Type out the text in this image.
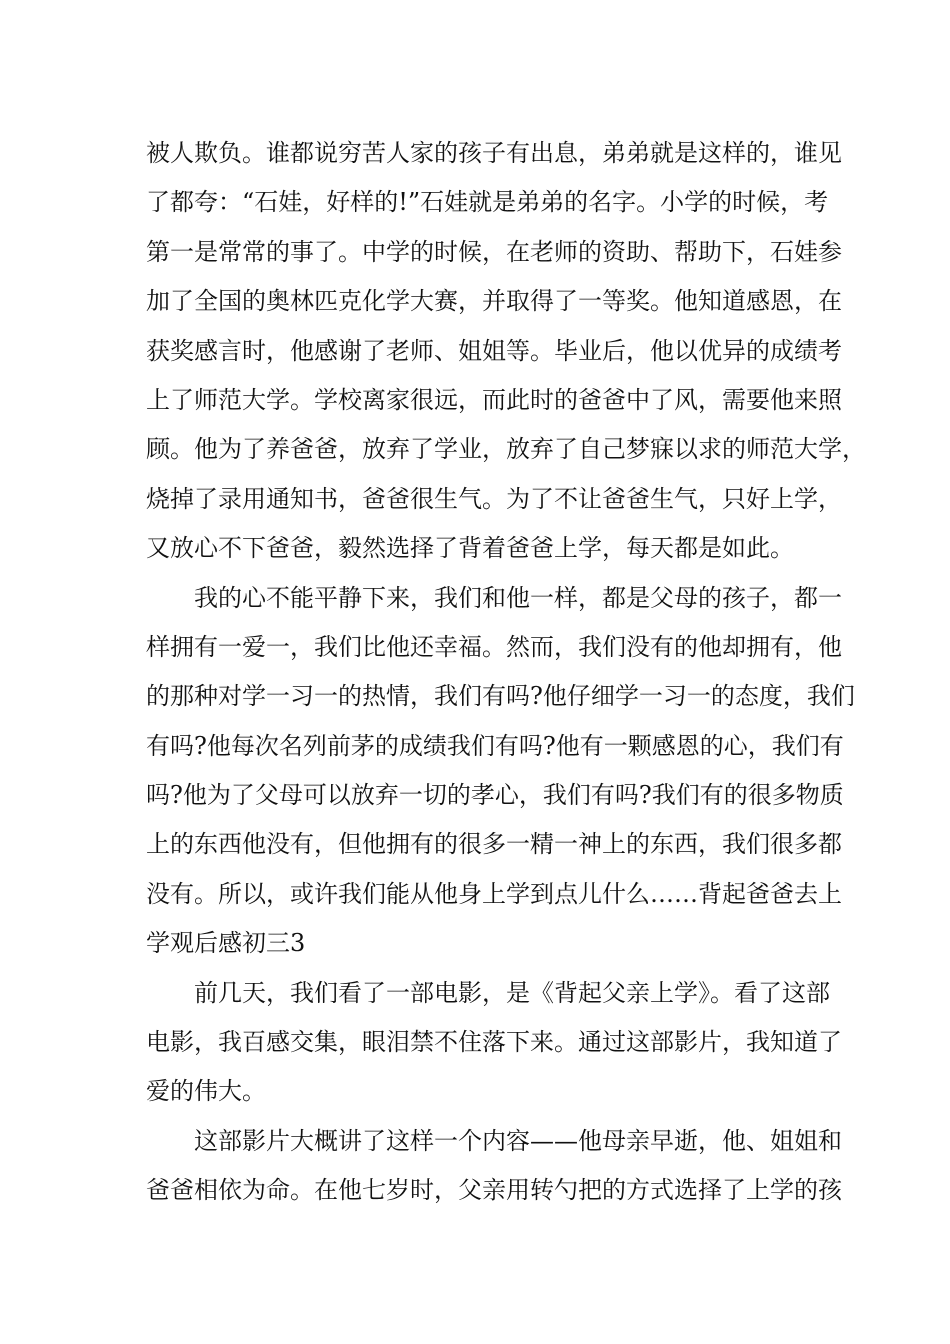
被人欺负。谁都说穷苦人家的孩子有出息，弟弟就是这样的，谁见
了都夸：“石娃，好样的!”石娃就是弟弟的名字。小学的时候，考
第一是常常的事了。中学的时候，在老师的资助、帮助下，石娃参
加了全国的奥林匹克化学大赛，并取得了一等奖。他知道感恩，在
获奖感言时，他感谢了老师、姐姐等。毕业后，他以优异的成绩考
上了师范大学。学校离家很远，而此时的爸爸中了风，需要他来照
顾。他为了养爸爸，放弃了学业，放弃了自己梦寐以求的师范大学，
烧掉了录用通知书，爸爸很生气。为了不让爸爸生气，只好上学，
又放心不下爸爸，毅然选择了背着爸爸上学，每天都是如此。
我的心不能平静下来，我们和他一样，都是父母的孩子，都一
样拥有一爱一，我们比他还幸福。然而，我们没有的他却拥有，他
的那种对学一习一的热情，我们有吗?他仔细学一习一的态度，我们
有吗?他每次名列前茅的成绩我们有吗?他有一颗感恩的心，我们有
吗?他为了父母可以放弃一切的孝心，我们有吗?我们有的很多物质
上的东西他没有，但他拥有的很多一精一神上的东西，我们很多都
没有。所以，或许我们能从他身上学到点儿什么……背起爸爸去上
学观后感初三3
前几天，我们看了一部电影，是《背起父亲上学》。看了这部
电影，我百感交集，眼泪禁不住落下来。通过这部影片，我知道了
爱的伟大。
这部影片大概讲了这样一个内容——他母亲早逝，他、姐姐和
爸爸相依为命。在他七岁时，父亲用转勺把的方式选择了上学的孩
